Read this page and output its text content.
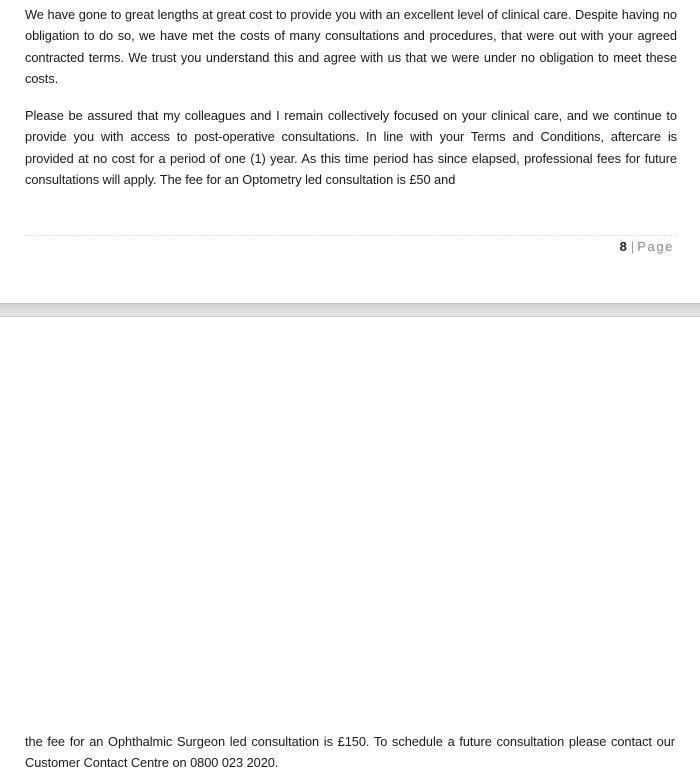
We have gone to great lengths at great cost to provide you with an excellent level of clinical care. Despite having no obligation to do so, we have met the costs of many consultations and procedures, that were out with your agreed contracted terms. We trust you understand this and agree with us that we were under no obligation to meet these costs.

Please be assured that my colleagues and I remain collectively focused on your clinical care, and we continue to provide you with access to post-operative consultations. In line with your Terms and Conditions, aftercare is provided at no cost for a period of one (1) year. As this time period has since elapsed, professional fees for future consultations will apply. The fee for an Optometry led consultation is £50 and

8 | Page

the fee for an Ophthalmic Surgeon led consultation is £150. To schedule a future consultation please contact our Customer Contact Centre on 0800 023 2020.
